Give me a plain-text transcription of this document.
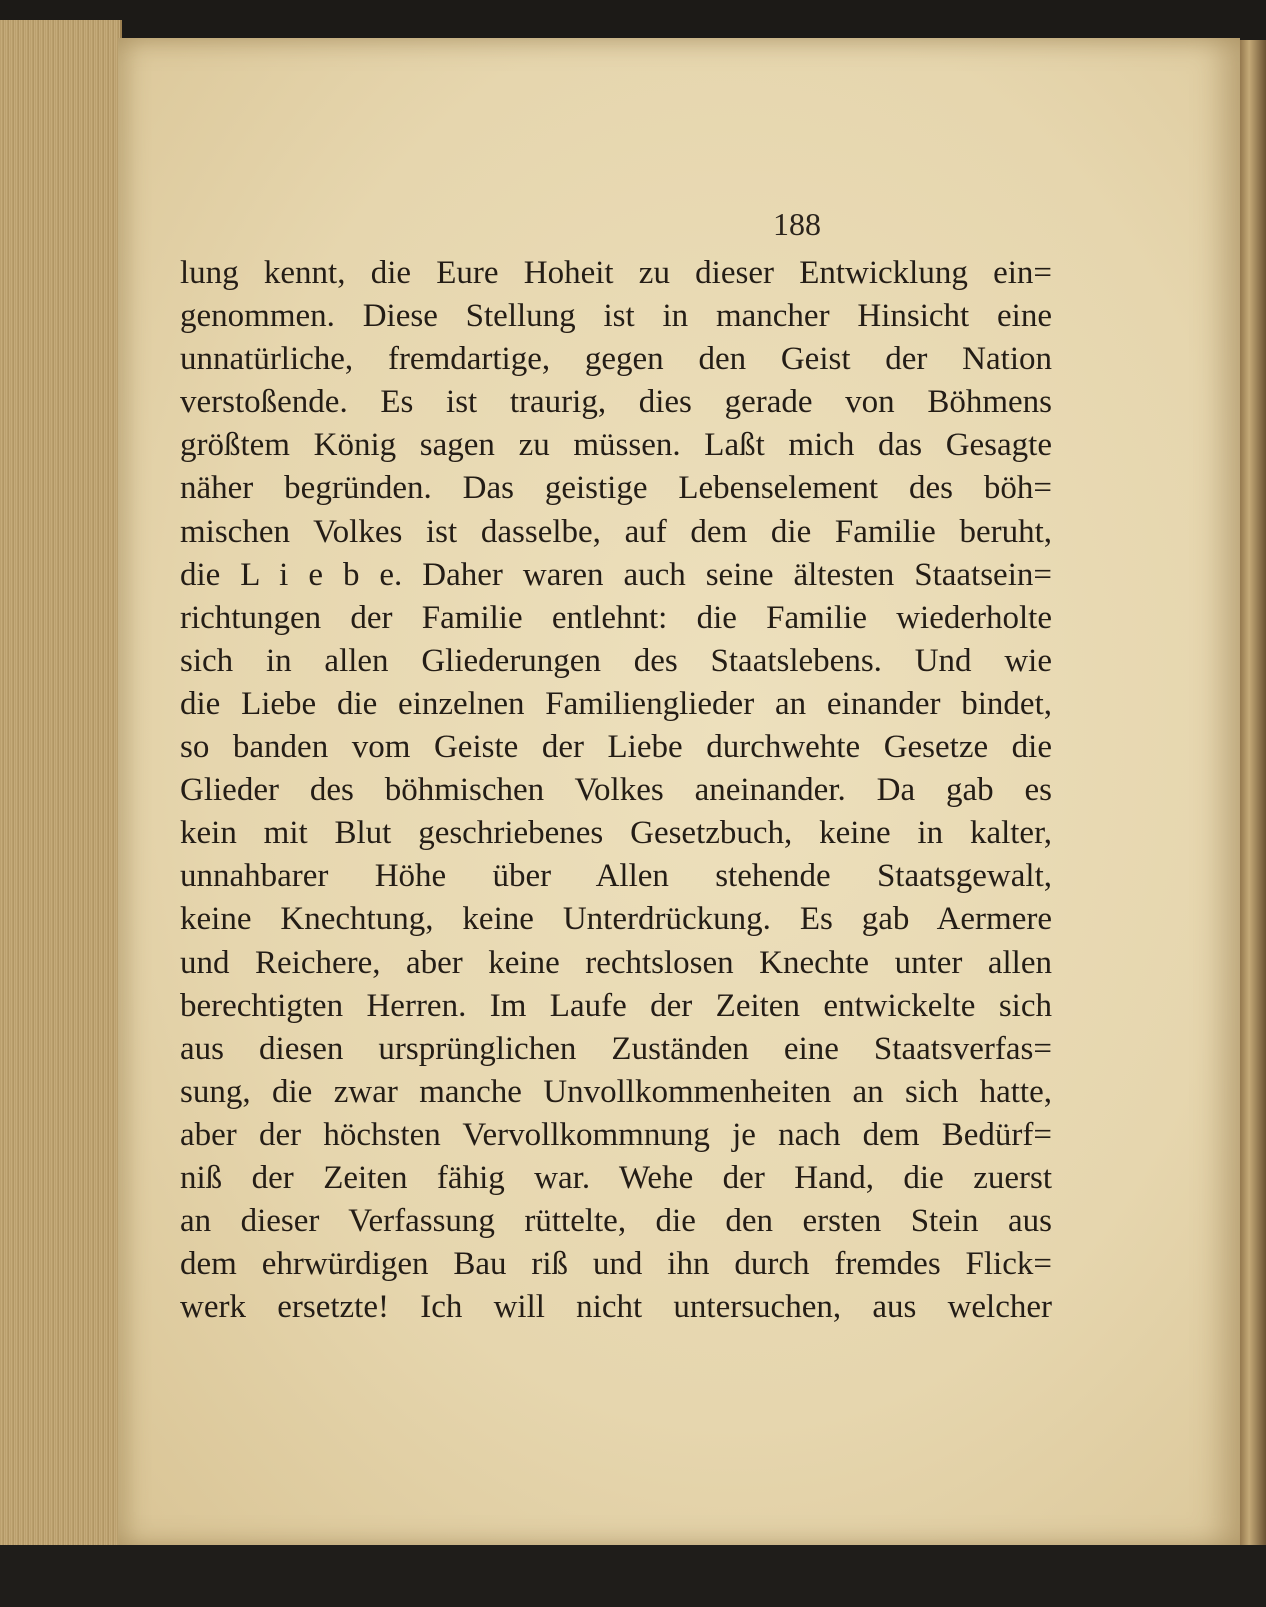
188
lung kennt, die Eure Hoheit zu dieser Entwicklung ein=
genommen. Diese Stellung ist in mancher Hinsicht eine
unnatürliche, fremdartige, gegen den Geist der Nation
verstoßende. Es ist traurig, dies gerade von Böhmens
größtem König sagen zu müssen. Laßt mich das Gesagte
näher begründen. Das geistige Lebenselement des böh=
mischen Volkes ist dasselbe, auf dem die Familie beruht,
die L i e b e. Daher waren auch seine ältesten Staatsein=
richtungen der Familie entlehnt: die Familie wiederholte
sich in allen Gliederungen des Staatslebens. Und wie
die Liebe die einzelnen Familienglieder an einander bindet,
so banden vom Geiste der Liebe durchwehte Gesetze die
Glieder des böhmischen Volkes aneinander. Da gab es
kein mit Blut geschriebenes Gesetzbuch, keine in kalter,
unnahbarer Höhe über Allen stehende Staatsgewalt,
keine Knechtung, keine Unterdrückung. Es gab Aermere
und Reichere, aber keine rechtslosen Knechte unter allen
berechtigten Herren. Im Laufe der Zeiten entwickelte sich
aus diesen ursprünglichen Zuständen eine Staatsverfas=
sung, die zwar manche Unvollkommenheiten an sich hatte,
aber der höchsten Vervollkommnung je nach dem Bedürf=
niß der Zeiten fähig war. Wehe der Hand, die zuerst
an dieser Verfassung rüttelte, die den ersten Stein aus
dem ehrwürdigen Bau riß und ihn durch fremdes Flick=
werk ersetzte! Ich will nicht untersuchen, aus welcher
